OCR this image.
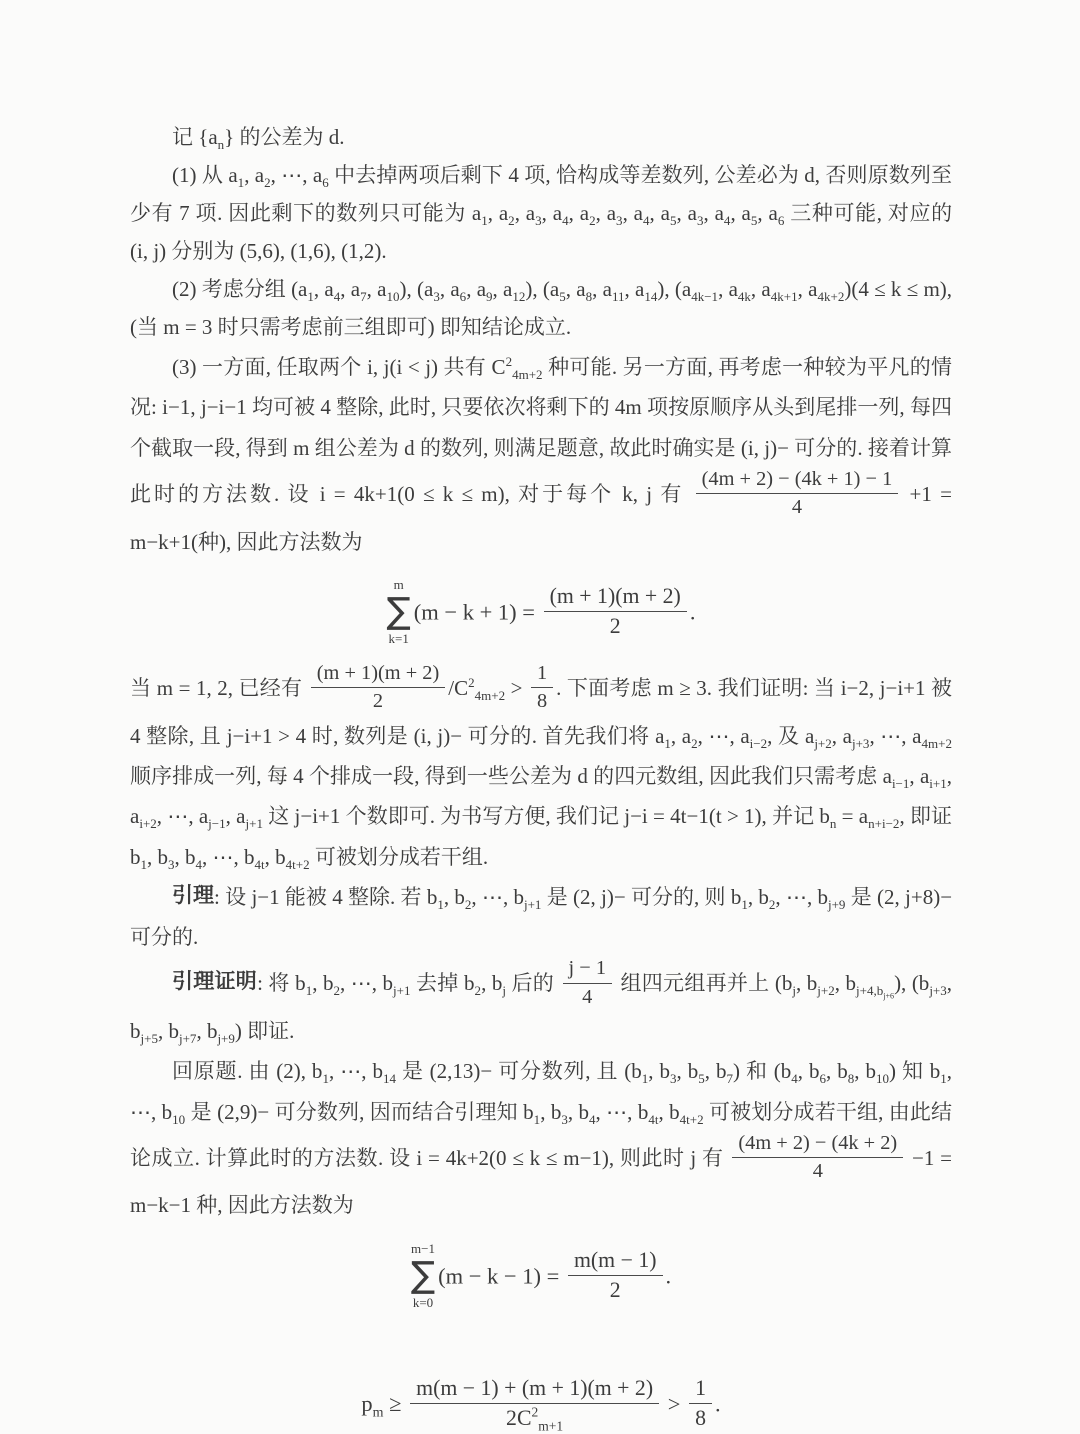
记 $\{a_n\}$ 的公差为 d.

(1) 从 $a_1$, $a_2$, ⋯, $a_6$ 中去掉两项后剩下 4 项, 恰构成等差数列, 公差必为 d, 否则原数列至少有 7 项. 因此剩下的数列只可能为 $a_1$, $a_2$, $a_3$, $a_4$, $a_2$, $a_3$, $a_4$, $a_5$, $a_3$, $a_4$, $a_5$, $a_6$ 三种可能, 对应的 (i, j) 分别为 (5,6), (1,6), (1,2).

(2) 考虑分组 ($a_1$, $a_4$, $a_7$, $a_{10}$), ($a_3$, $a_6$, $a_9$, $a_{12}$), ($a_5$, $a_8$, $a_{11}$, $a_{14}$), ($a_{4k-1}$, $a_{4k}$, $a_{4k+1}$, $a_{4k+2})(4 \le k \le m)$, (当 m = 3 时只需考虑前三组即可) 即知结论成立.

(3) 一方面, 任取两个 i, j(i < j) 共有 $C^2_{4m+2}$ 种可能. 另一方面, 再考虑一种较为平凡的情况: i−1, j−i−1 均可被 4 整除, 此时, 只要依次将剩下的 4m 项按原顺序从头到尾排一列, 每四个截取一段, 得到 m 组公差为 d 的数列, 则满足题意, 故此时确实是 (i, j)− 可分的. 接着计算此时的方法数. 设 i = 4k+1(0 ≤ k ≤ m), 对于每个 k, j 有 $\frac{(4m + 2) - (4k + 1) - 1}{4} +1 = m-k+1$(种), 因此方法数为

m
∑
k=1
$(m - k + 1) = \frac{(m + 1)(m + 2)}{2}$ .

当 m = 1, 2, 已经有 $\frac{(m + 1)(m + 2)}{2} /C^2_{4m+2} > \frac{1}{8}$ . 下面考虑 m ≥ 3. 我们证明: 当 i−2, j−i+1 被 4 整除, 且 j−i+1 > 4 时, 数列是 (i, j)− 可分的. 首先我们将 $a_1$, $a_2$, ⋯, $a_{i-2}$, 及 $a_{j+2}$, $a_{j+3}$, ⋯, $a_{4m+2}$ 顺序排成一列, 每 4 个排成一段, 得到一些公差为 d 的四元数组, 因此我们只需考虑 $a_{i-1}$, $a_{i+1}$, $a_{i+2}$, ⋯, $a_{j-1}$, $a_{j+1}$ 这 j−i+1 个数即可. 为书写方便, 我们记 j−i = 4t−1(t > 1), 并记 $b_n = a_{n+i-2}$, 即证 $b_1$, $b_3$, $b_4$, ⋯, $b_{4t}$, $b_{4t+2}$ 可被划分成若干组.

引理: 设 j−1 能被 4 整除. 若 $b_1$, $b_2$, ⋯, $b_{j+1}$ 是 (2, j)− 可分的, 则 $b_1$, $b_2$, ⋯, $b_{j+9}$ 是 (2, j+8)− 可分的.

引理证明: 将 $b_1$, $b_2$, ⋯, $b_{j+1}$ 去掉 $b_2$, $b_j$ 后的 $\frac{j - 1}{4}$ 组四元组再并上 ($b_j$, $b_{j+2}$, $b_{j+4,b_{j+6}}$), ($b_{j+3}$, $b_{j+5}$, $b_{j+7}$, $b_{j+9}$) 即证.

回原题. 由 (2), $b_1$, ⋯, $b_{14}$ 是 (2,13)− 可分数列, 且 ($b_1$, $b_3$, $b_5$, $b_7$) 和 ($b_4$, $b_6$, $b_8$, $b_{10}$) 知 $b_1$, ⋯, $b_{10}$ 是 (2,9)− 可分数列, 因而结合引理知 $b_1$, $b_3$, $b_4$, ⋯, $b_{4t}$, $b_{4t+2}$ 可被划分成若干组, 由此结论成立. 计算此时的方法数. 设 i = 4k+2(0 ≤ k ≤ m−1), 则此时 j 有 $\frac{(4m + 2) - (4k + 2)}{4} -1 = m-k-1$ 种, 因此方法数为

m−1
∑
k=0
$(m - k - 1) = \frac{m(m - 1)}{2}$ .
$p_m \ge \frac{m(m - 1) + (m + 1)(m + 2)}{2C^2_{m+1}} > \frac{1}{8}$ .
